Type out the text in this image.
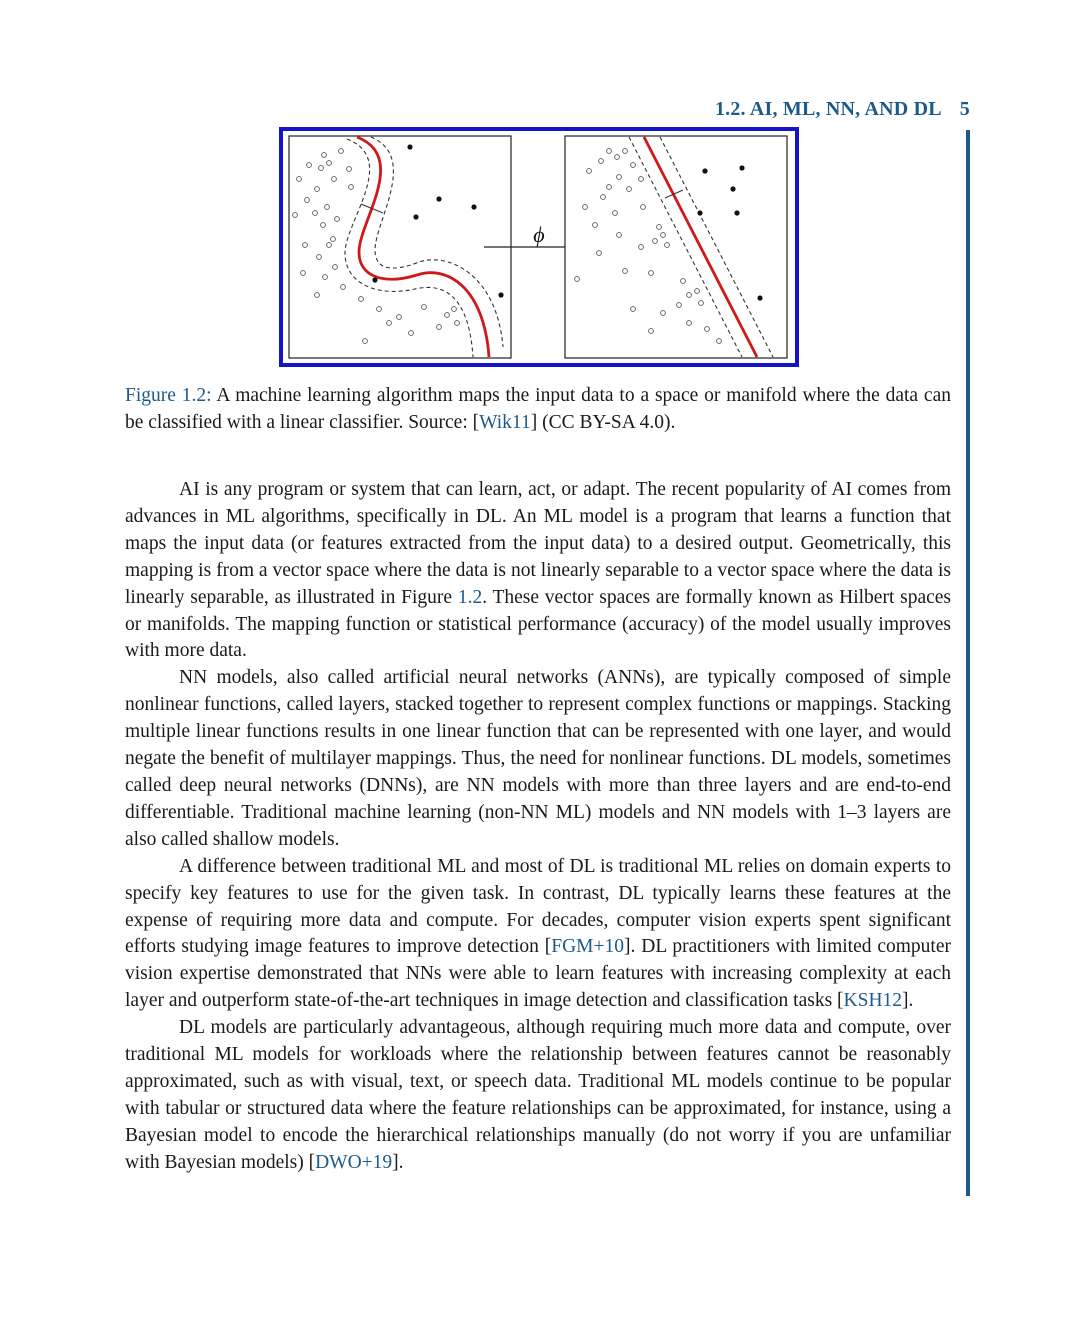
1.2. AI, ML, NN, AND DL 5
ϕ
Figure 1.2: A machine learning algorithm maps the input data to a space or manifold where the data can be classified with a linear classifier. Source: [Wik11] (CC BY-SA 4.0).

AI is any program or system that can learn, act, or adapt. The recent popularity of AI comes from advances in ML algorithms, specifically in DL. An ML model is a program that learns a function that maps the input data (or features extracted from the input data) to a desired output. Geometrically, this mapping is from a vector space where the data is not linearly separable to a vector space where the data is linearly separable, as illustrated in Figure 1.2. These vector spaces are formally known as Hilbert spaces or manifolds. The mapping function or statistical performance (accuracy) of the model usually improves with more data.

NN models, also called artificial neural networks (ANNs), are typically composed of simple nonlinear functions, called layers, stacked together to represent complex functions or mappings. Stacking multiple linear functions results in one linear function that can be represented with one layer, and would negate the benefit of multilayer mappings. Thus, the need for nonlinear functions. DL models, sometimes called deep neural networks (DNNs), are NN models with more than three layers and are end-to-end differentiable. Traditional machine learning (non-NN ML) models and NN models with 1–3 layers are also called shallow models.

A difference between traditional ML and most of DL is traditional ML relies on domain experts to specify key features to use for the given task. In contrast, DL typically learns these features at the expense of requiring more data and compute. For decades, computer vision experts spent significant efforts studying image features to improve detection [FGM+10]. DL practitioners with limited computer vision expertise demonstrated that NNs were able to learn features with increasing complexity at each layer and outperform state-of-the-art techniques in image detection and classification tasks [KSH12].

DL models are particularly advantageous, although requiring much more data and compute, over traditional ML models for workloads where the relationship between features cannot be reasonably approximated, such as with visual, text, or speech data. Traditional ML models continue to be popular with tabular or structured data where the feature relationships can be approximated, for instance, using a Bayesian model to encode the hierarchical relationships manually (do not worry if you are unfamiliar with Bayesian models) [DWO+19].
